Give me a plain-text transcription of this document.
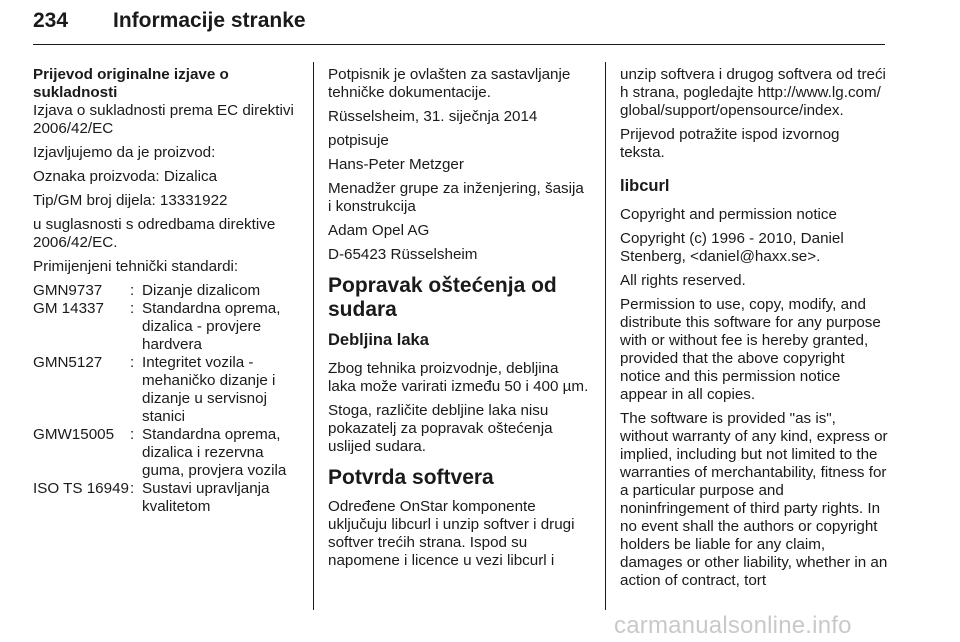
234 Informacije stranke

Prijevod originalne izjave o sukladnosti

Izjava o sukladnosti prema EC direktivi 2006/42/EC

Izjavljujemo da je proizvod:

Oznaka proizvoda: Dizalica

Tip/GM broj dijela: 13331922

u suglasnosti s odredbama direktive 2006/42/EC.

Primijenjeni tehnički standardi:

GMN9737	: Dizanje dizalicom
GM 14337	: Standardna oprema, dizalica - provjere hardvera
GMN5127	: Integritet vozila - mehaničko dizanje i dizanje u servisnoj stanici
GMW15005	: Standardna oprema, dizalica i rezervna guma, provjera vozila
ISO TS 16949 : Sustavi upravljanja kvalitetom

Potpisnik je ovlašten za sastavljanje tehničke dokumentacije.

Rüsselsheim, 31. siječnja 2014

potpisuje

Hans-Peter Metzger

Menadžer grupe za inženjering, šasija i konstrukcija

Adam Opel AG

D-65423 Rüsselsheim

Popravak oštećenja od sudara
Debljina laka

Zbog tehnika proizvodnje, debljina laka može varirati između 50 i 400 µm.

Stoga, različite debljine laka nisu pokazatelj za popravak oštećenja uslijed sudara.

Potvrda softvera

Određene OnStar komponente uključuju libcurl i unzip softver i drugi softver trećih strana. Ispod su napomene i licence u vezi libcurl i

unzip softvera i drugog softvera od trećih strana, pogledajte http://www.lg.com/global/support/opensource/index.

Prijevod potražite ispod izvornog teksta.

libcurl

Copyright and permission notice

Copyright (c) 1996 - 2010, Daniel Stenberg, <daniel@haxx.se>.

All rights reserved.

Permission to use, copy, modify, and distribute this software for any purpose with or without fee is hereby granted, provided that the above copyright notice and this permission notice appear in all copies.

The software is provided "as is", without warranty of any kind, express or implied, including but not limited to the warranties of merchantability, fitness for a particular purpose and noninfringement of third party rights. In no event shall the authors or copyright holders be liable for any claim, damages or other liability, whether in an action of contract, tort

carmanualsonline.info
